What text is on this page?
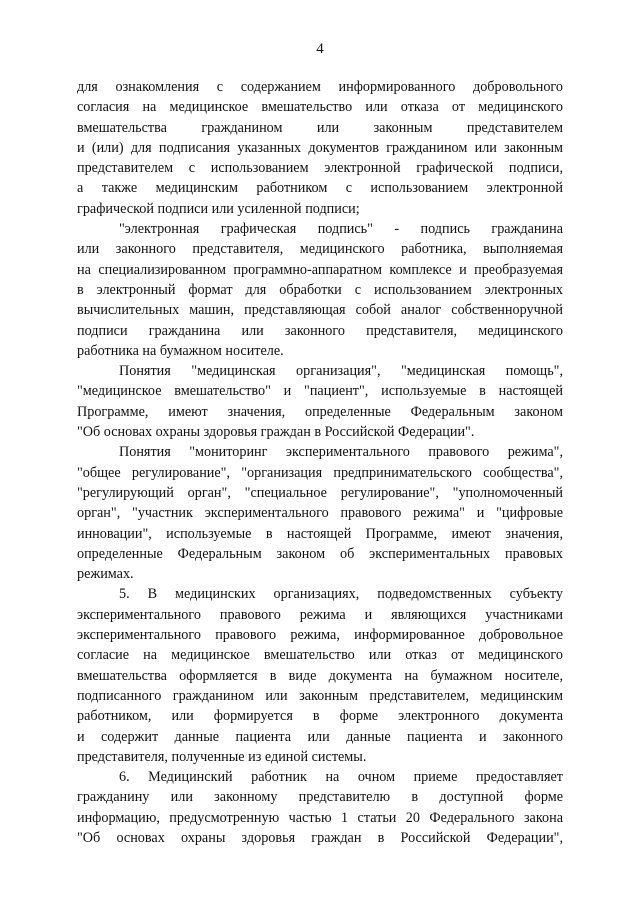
4
для ознакомления с содержанием информированного добровольного
согласия на медицинское вмешательство или отказа от медицинского
вмешательства гражданином или законным представителем
и (или) для подписания указанных документов гражданином или законным
представителем с использованием электронной графической подписи,
а также медицинским работником с использованием электронной
графической подписи или усиленной подписи;
"электронная графическая подпись" - подпись гражданина
или законного представителя, медицинского работника, выполняемая
на специализированном программно-аппаратном комплексе и преобразуемая
в электронный формат для обработки с использованием электронных
вычислительных машин, представляющая собой аналог собственноручной
подписи гражданина или законного представителя, медицинского
работника на бумажном носителе.
Понятия "медицинская организация", "медицинская помощь",
"медицинское вмешательство" и "пациент", используемые в настоящей
Программе, имеют значения, определенные Федеральным законом
"Об основах охраны здоровья граждан в Российской Федерации".
Понятия "мониторинг экспериментального правового режима",
"общее регулирование", "организация предпринимательского сообщества",
"регулирующий орган", "специальное регулирование", "уполномоченный
орган", "участник экспериментального правового режима" и "цифровые
инновации", используемые в настоящей Программе, имеют значения,
определенные Федеральным законом об экспериментальных правовых
режимах.
5. В медицинских организациях, подведомственных субъекту
экспериментального правового режима и являющихся участниками
экспериментального правового режима, информированное добровольное
согласие на медицинское вмешательство или отказ от медицинского
вмешательства оформляется в виде документа на бумажном носителе,
подписанного гражданином или законным представителем, медицинским
работником, или формируется в форме электронного документа
и содержит данные пациента или данные пациента и законного
представителя, полученные из единой системы.
6. Медицинский работник на очном приеме предоставляет
гражданину или законному представителю в доступной форме
информацию, предусмотренную частью 1 статьи 20 Федерального закона
"Об основах охраны здоровья граждан в Российской Федерации",
